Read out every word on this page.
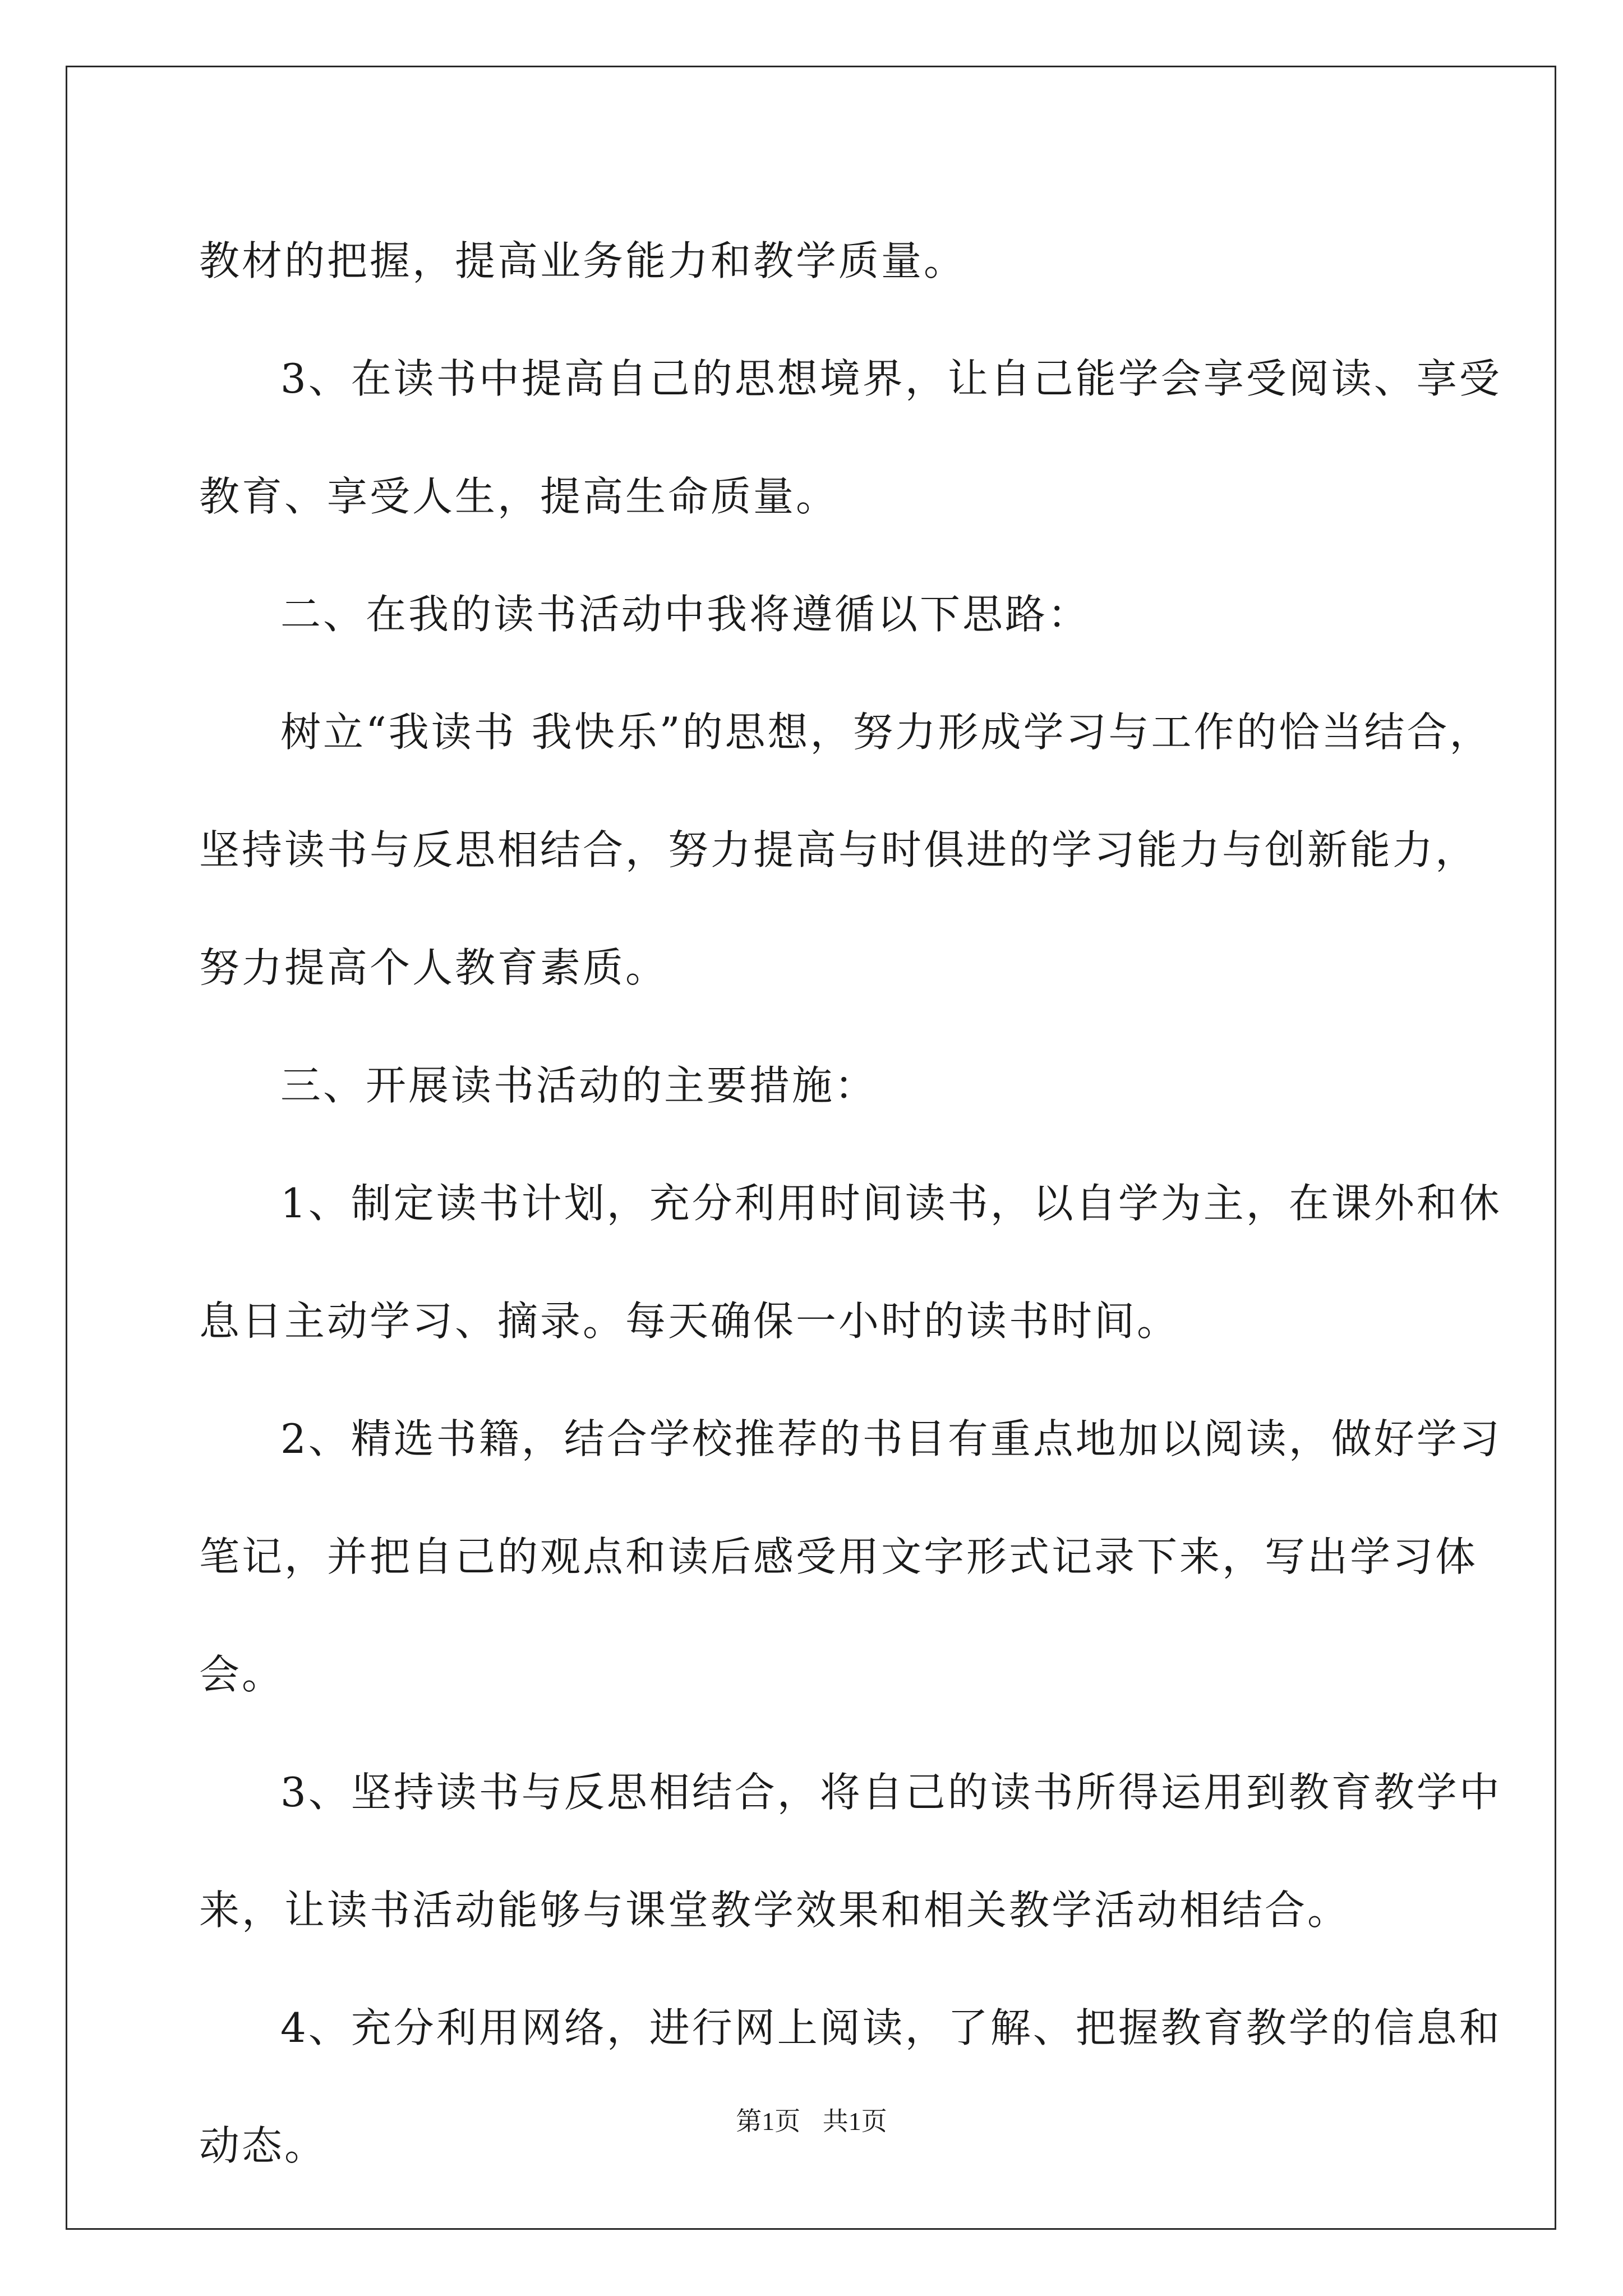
教材的把握，提高业务能力和教学质量。
3、在读书中提高自己的思想境界，让自己能学会享受阅读、享受
教育、享受人生，提高生命质量。
二、在我的读书活动中我将遵循以下思路：
树立“我读书 我快乐”的思想，努力形成学习与工作的恰当结合，
坚持读书与反思相结合，努力提高与时俱进的学习能力与创新能力，
努力提高个人教育素质。
三、开展读书活动的主要措施：
1、制定读书计划，充分利用时间读书，以自学为主，在课外和休
息日主动学习、摘录。每天确保一小时的读书时间。
2、精选书籍，结合学校推荐的书目有重点地加以阅读，做好学习
笔记，并把自己的观点和读后感受用文字形式记录下来，写出学习体
会。
3、坚持读书与反思相结合，将自己的读书所得运用到教育教学中
来，让读书活动能够与课堂教学效果和相关教学活动相结合。
4、充分利用网络，进行网上阅读，了解、把握教育教学的信息和
动态。
第1页 共1页
